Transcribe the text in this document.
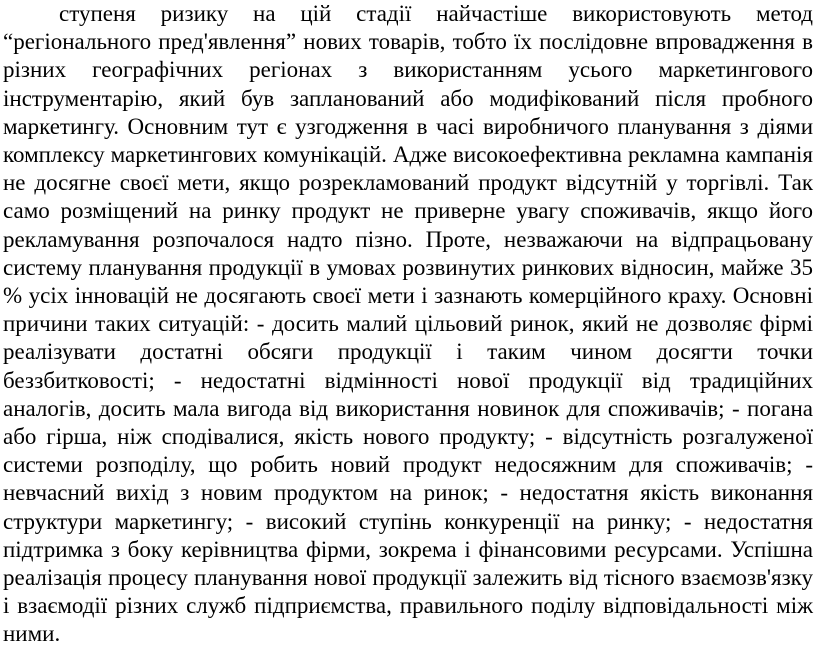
ступеня ризику на цій стадії найчастіше використовують метод “регіонального пред'явлення” нових товарів, тобто їх послідовне впровадження в різних географічних регіонах з використанням усього маркетингового інструментарію, який був запланований або модифікований після пробного маркетингу. Основним тут є узгодження в часі виробничого планування з діями комплексу маркетингових комунікацій. Адже високоефективна рекламна кампанія не досягне своєї мети, якщо розрекламований продукт відсутній у торгівлі. Так само розміщений на ринку продукт не приверне увагу споживачів, якщо його рекламування розпочалося надто пізно. Проте, незважаючи на відпрацьовану систему планування продукції в умовах розвинутих ринкових відносин, майже 35 % усіх інновацій не досягають своєї мети і зазнають комерційного краху. Основні причини таких ситуацій: - досить малий цільовий ринок, який не дозволяє фірмі реалізувати достатні обсяги продукції і таким чином досягти точки беззбитковості; - недостатні відмінності нової продукції від традиційних аналогів, досить мала вигода від використання новинок для споживачів; - погана або гірша, ніж сподівалися, якість нового продукту; - відсутність розгалуженої системи розподілу, що робить новий продукт недосяжним для споживачів; - невчасний вихід з новим продуктом на ринок; - недостатня якість виконання структури маркетингу; - високий ступінь конкуренції на ринку; - недостатня підтримка з боку керівництва фірми, зокрема і фінансовими ресурсами. Успішна реалізація процесу планування нової продукції залежить від тісного взаємозв'язку і взаємодії різних служб підприємства, правильного поділу відповідальності між ними.
